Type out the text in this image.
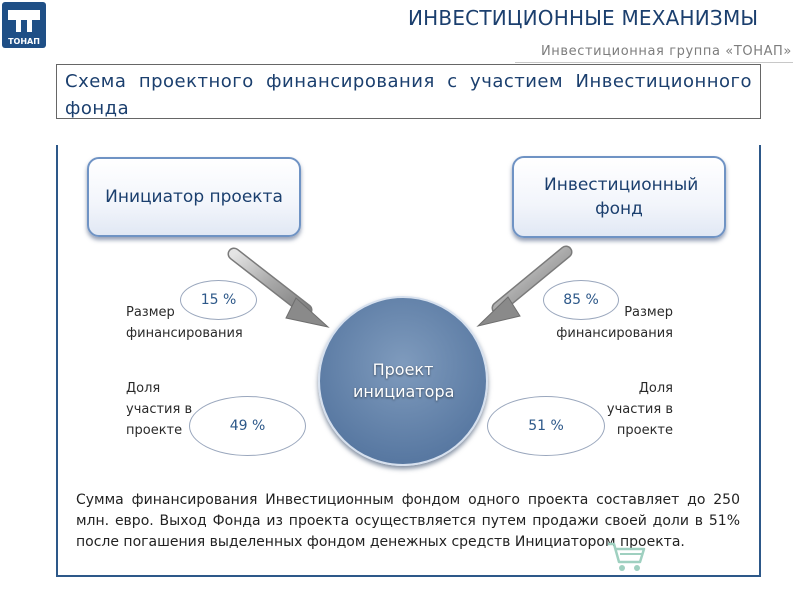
ТОНАП
ИНВЕСТИЦИОННЫЕ МЕХАНИЗМЫ
Инвестиционная группа «ТОНАП»
Схема проектного финансирования с участием Инвестиционного фонда
Инициатор проекта
Инвестиционный фонд
Проект инициатора
15 %	85 %
49 %	51 %
Размер финансирования
Доля участия в проекте
Размер финансирования
Доля участия в проекте
Сумма финансирования Инвестиционным фондом одного проекта составляет до 250 млн. евро. Выход Фонда из проекта осуществляется путем продажи своей доли в 51% после погашения выделенных фондом денежных средств Инициатором проекта.
